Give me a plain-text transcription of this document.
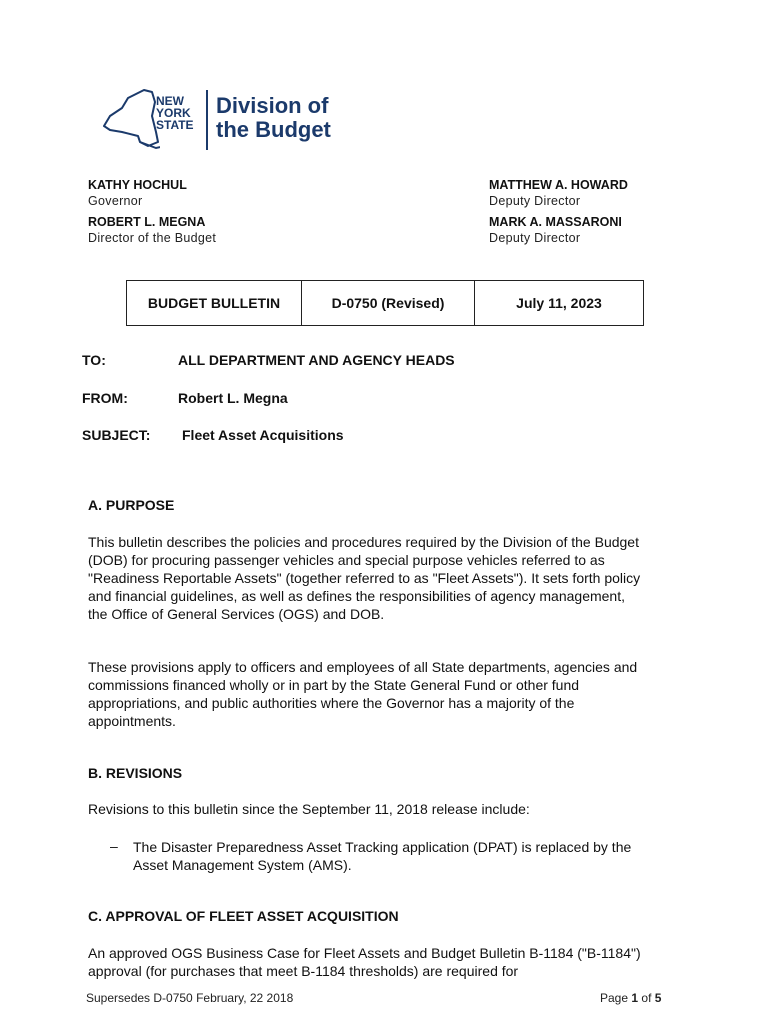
NEW
YORK
STATE
Division of
the Budget
KATHY HOCHUL
Governor
ROBERT L. MEGNA
Director of the Budget
MATTHEW A. HOWARD
Deputy Director
MARK A. MASSARONI
Deputy Director
BUDGET BULLETIN	D-0750 (Revised)	July 11, 2023
TO:	ALL DEPARTMENT AND AGENCY HEADS
FROM:	Robert L. Megna
SUBJECT: Fleet Asset Acquisitions
A. PURPOSE

This bulletin describes the policies and procedures required by the Division of the Budget (DOB) for procuring passenger vehicles and special purpose vehicles referred to as "Readiness Reportable Assets" (together referred to as "Fleet Assets"). It sets forth policy and financial guidelines, as well as defines the responsibilities of agency management, the Office of General Services (OGS) and DOB.

These provisions apply to officers and employees of all State departments, agencies and commissions financed wholly or in part by the State General Fund or other fund appropriations, and public authorities where the Governor has a majority of the appointments.

B. REVISIONS
Revisions to this bulletin since the September 11, 2018 release include:
– The Disaster Preparedness Asset Tracking application (DPAT) is replaced by the Asset Management System (AMS).
C. APPROVAL OF FLEET ASSET ACQUISITION
An approved OGS Business Case for Fleet Assets and Budget Bulletin B-1184 ("B-1184") approval (for purchases that meet B-1184 thresholds) are required for
Supersedes D-0750 February, 22 2018	Page 1 of 5
